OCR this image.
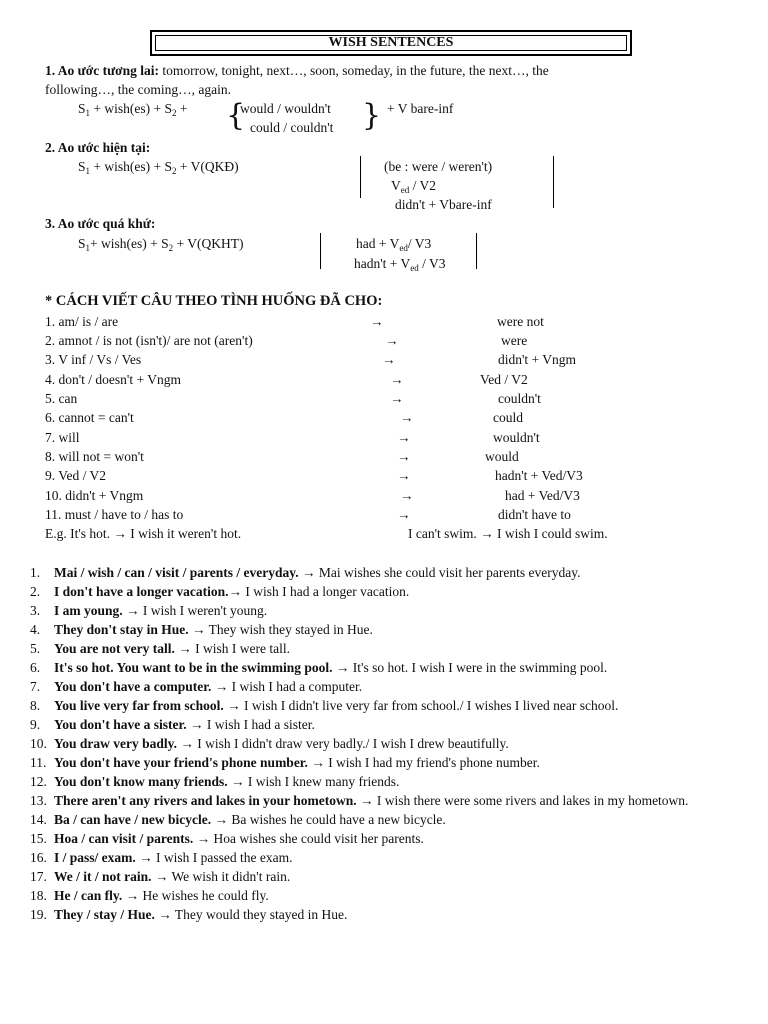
WISH SENTENCES
1. Ao ước tương lai: tomorrow, tonight, next…, soon, someday, in the future, the next…, the
following…, the coming…, again.
$S_1$ + wish(es) + $S_2$ + {
would / wouldn't
could / couldn't } + V bare-inf
2. Ao ước hiện tại:
$S_1$ + wish(es) + $S_2$ + V(QKĐ)	(be : were / weren't)
$V_{ed} / V2$
didn't + Vbare-inf
3. Ao ước quá khứ:
$S_1+$ wish(es) + $S_2$ + V(QKHT)	had + $V_{ed}/$ V3
hadn't + $V_{ed} / V3$
* CÁCH VIẾT CÂU THEO TÌNH HUỐNG ĐÃ CHO:
1. am/ is / are	→	were not
2. amnot / is not (isn't)/ are not (aren't)	→	were
3. V inf / Vs / Ves	→	didn't + Vngm
4. don't / doesn't + Vngm	→	Ved / V2
5. can	→	couldn't
6. cannot = can't	→	could
7. will	→	wouldn't
8. will not = won't	→	would
9. Ved / V2	→	hadn't + Ved/V3
10. didn't + Vngm	→	had + Ved/V3
11. must / have to / has to	→	didn't have to
E.g. It's hot. → I wish it weren't hot.	I can't swim. → I wish I could swim.
1. Mai / wish / can / visit / parents / everyday. → Mai wishes she could visit her parents everyday.
2. I don't have a longer vacation.→ I wish I had a longer vacation.
3. I am young. → I wish I weren't young.
4. They don't stay in Hue. → They wish they stayed in Hue.
5. You are not very tall. → I wish I were tall.
6. It's so hot. You want to be in the swimming pool. → It's so hot. I wish I were in the swimming pool.
7. You don't have a computer. → I wish I had a computer.
8. You live very far from school. → I wish I didn't live very far from school./ I wishes I lived near school.
9. You don't have a sister. → I wish I had a sister.
10. You draw very badly. → I wish I didn't draw very badly./ I wish I drew beautifully.
11. You don't have your friend's phone number. → I wish I had my friend's phone number.
12. You don't know many friends. → I wish I knew many friends.
13. There aren't any rivers and lakes in your hometown. → I wish there were some rivers and lakes in my hometown.
14. Ba / can have / new bicycle. → Ba wishes he could have a new bicycle.
15. Hoa / can visit / parents. → Hoa wishes she could visit her parents.
16. I / pass/ exam. → I wish I passed the exam.
17. We / it / not rain. → We wish it didn't rain.
18. He / can fly. → He wishes he could fly.
19. They / stay / Hue. → They would they stayed in Hue.
